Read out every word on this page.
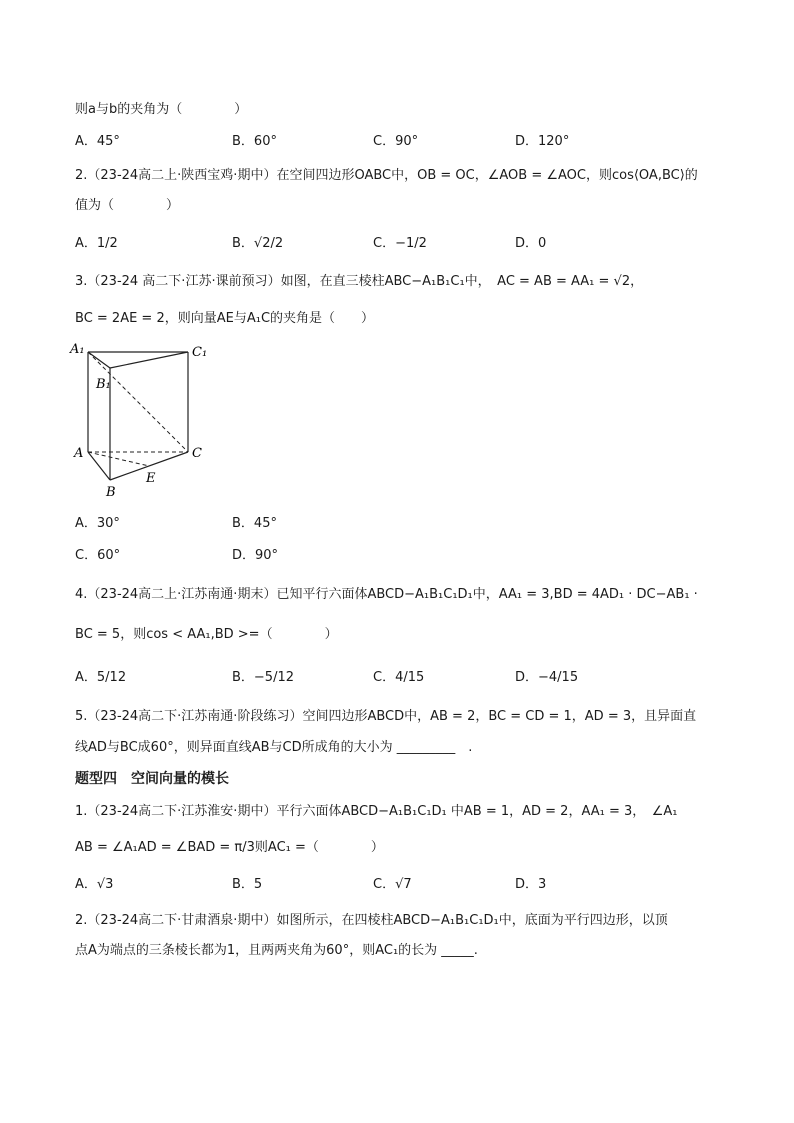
则a与b的夹角为（　　　　）
A．45°	B．60°	C．90°	D．120°
2.（23-24高二上·陕西宝鸡·期中）在空间四边形OABC中，OB = OC，∠AOB = ∠AOC，则cos⟨OA,BC⟩的
值为（　　　　）
A．1/2	B．√2/2	C．−1/2	D．0
3.（23-24 高二下·江苏·课前预习）如图，在直三棱柱ABC−A₁B₁C₁中，　AC = AB = AA₁ = √2，
BC = 2AE = 2，则向量AE与A₁C的夹角是（　　）
A₁	C₁
B₁
A	C
E
B
A．30°	B．45°
C．60°	D．90°
4.（23-24高二上·江苏南通·期末）已知平行六面体ABCD−A₁B₁C₁D₁中，AA₁ = 3,BD = 4AD₁ · DC−AB₁ ·
BC = 5，则cos < AA₁,BD >=（　　　　）
A．5/12	B．−5/12	C．4/15	D．−4/15
5.（23-24高二下·江苏南通·阶段练习）空间四边形ABCD中，AB = 2，BC = CD = 1，AD = 3，且异面直
线AD与BC成60°，则异面直线AB与CD所成角的大小为 _________　.
题型四　空间向量的模长
1.（23-24高二下·江苏淮安·期中）平行六面体ABCD−A₁B₁C₁D₁ 中AB = 1，AD = 2，AA₁ = 3，　∠A₁
AB = ∠A₁AD = ∠BAD = π/3则AC₁ =（　　　　）
A．√3	B．5	C．√7	D．3
2.（23-24高二下·甘肃酒泉·期中）如图所示，在四棱柱ABCD−A₁B₁C₁D₁中，底面为平行四边形，以顶
点A为端点的三条棱长都为1，且两两夹角为60°，则AC₁的长为 _____.
